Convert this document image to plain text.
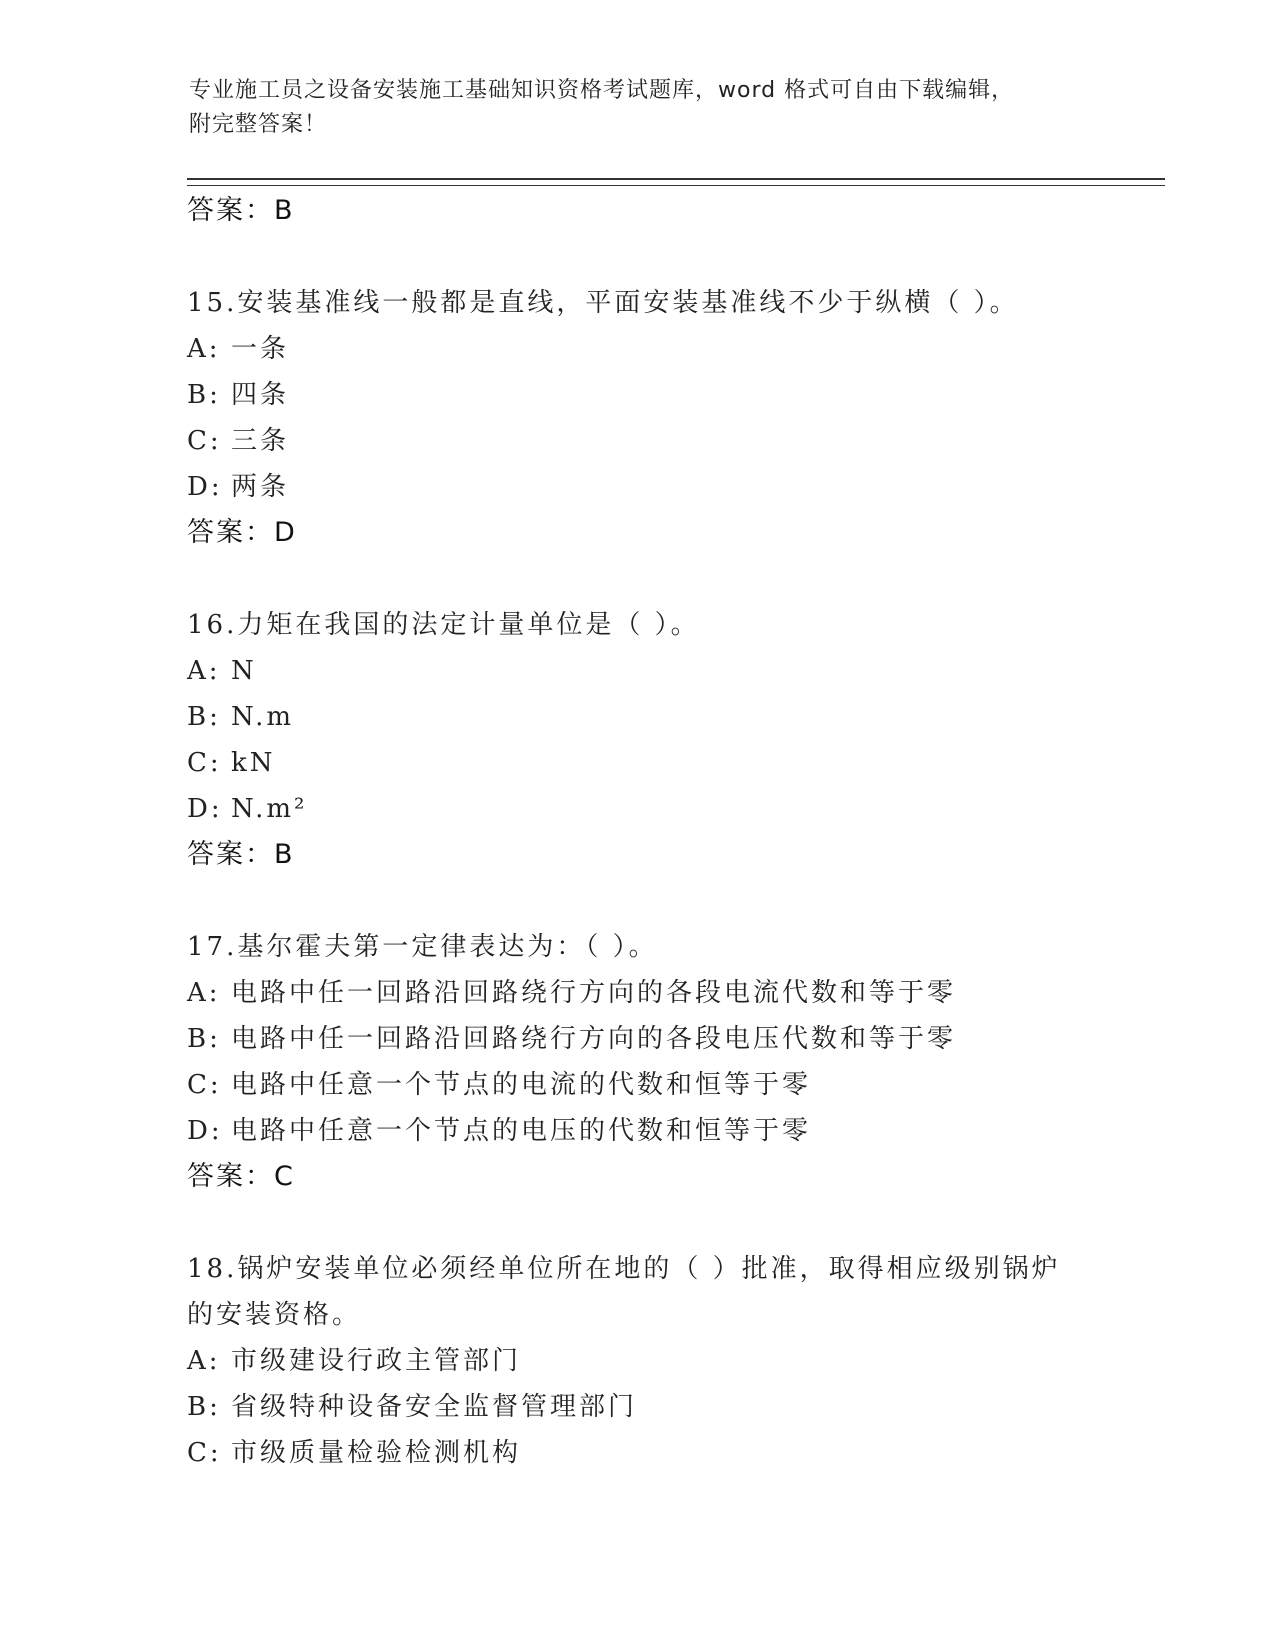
专业施工员之设备安装施工基础知识资格考试题库，word 格式可自由下载编辑，
附完整答案！
答案：B
15.安装基准线一般都是直线，平面安装基准线不少于纵横（ ）。
A: 一条
B: 四条
C: 三条
D: 两条
答案：D
16.力矩在我国的法定计量单位是（ ）。
A: N
B: N.m
C: kN
D: N.m²
答案：B
17.基尔霍夫第一定律表达为：（ ）。
A: 电路中任一回路沿回路绕行方向的各段电流代数和等于零
B: 电路中任一回路沿回路绕行方向的各段电压代数和等于零
C: 电路中任意一个节点的电流的代数和恒等于零
D: 电路中任意一个节点的电压的代数和恒等于零
答案：C
18.锅炉安装单位必须经单位所在地的（ ）批准，取得相应级别锅炉的安装资格。
A: 市级建设行政主管部门
B: 省级特种设备安全监督管理部门
C: 市级质量检验检测机构
